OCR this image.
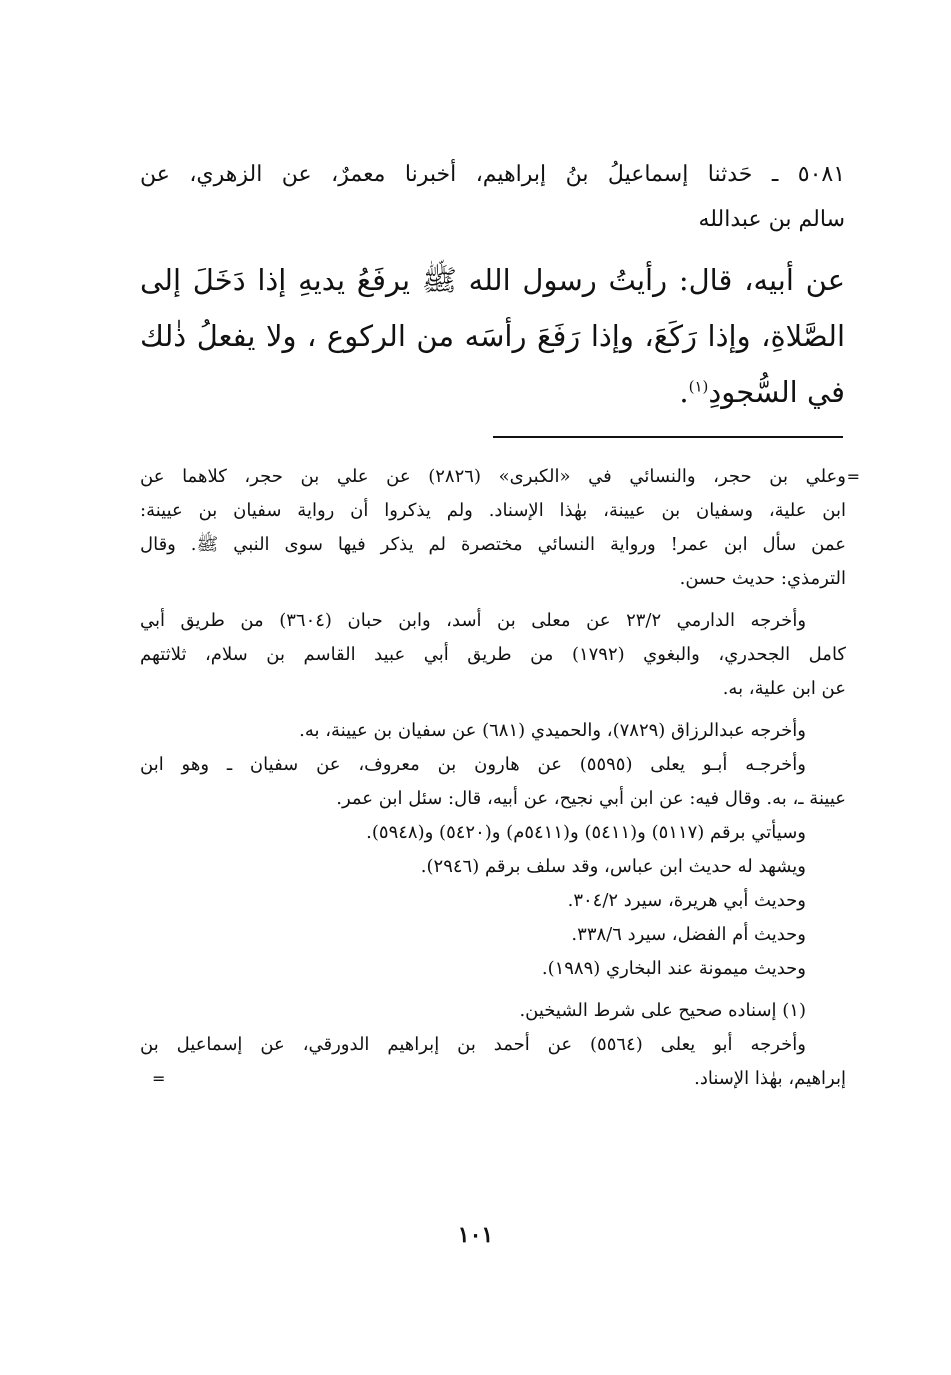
٥٠٨١ ـ حَدثنا إسماعيلُ بنُ إبراهيم، أخبرنا معمرٌ، عن الزهري، عن
سالم بن عبدالله
عن أبيه، قال: رأيتُ رسول الله ﷺ يرفَعُ يديهِ إذا دَخَلَ إلى
الصَّلاةِ، وإذا رَكَعَ، وإذا رَفَعَ رأسَه من الركوع ، ولا يفعلُ ذٰلك
في السُّجودِ$^{(١)}$.
=
وعلي بن حجر، والنسائي في «الكبرى» (٢٨٢٦) عن علي بن حجر، كلاهما عن
ابن علية، وسفيان بن عيينة، بهٰذا الإسناد. ولم يذكروا أن رواية سفيان بن عيينة:
عمن سأل ابن عمر! ورواية النسائي مختصرة لم يذكر فيها سوى النبي ﷺ. وقال
الترمذي: حديث حسن.
وأخرجه الدارمي ٢٣/٢ عن معلى بن أسد، وابن حبان (٣٦٠٤) من طريق أبي
كامل الجحدري، والبغوي (١٧٩٢) من طريق أبي عبيد القاسم بن سلام، ثلاثتهم
عن ابن علية، به.
وأخرجه عبدالرزاق (٧٨٢٩)، والحميدي (٦٨١) عن سفيان بن عيينة، به.
وأخرجـه أبـو يعلى (٥٥٩٥) عن هارون بن معروف، عن سفيان ـ وهو ابن
عيينة ـ، به. وقال فيه: عن ابن أبي نجيح، عن أبيه، قال: سئل ابن عمر.
وسيأتي برقم (٥١١٧) و(٥٤١١) و(٥٤١١م) و(٥٤٢٠) و(٥٩٤٨).
ويشهد له حديث ابن عباس، وقد سلف برقم (٢٩٤٦).
وحديث أبي هريرة، سيرد ٣٠٤/٢.
وحديث أم الفضل، سيرد ٣٣٨/٦.
وحديث ميمونة عند البخاري (١٩٨٩).
(١) إسناده صحيح على شرط الشيخين.
وأخرجه أبو يعلى (٥٥٦٤) عن أحمد بن إبراهيم الدورقي، عن إسماعيل بن
إبراهيم، بهٰذا الإسناد.
=
١٠١
